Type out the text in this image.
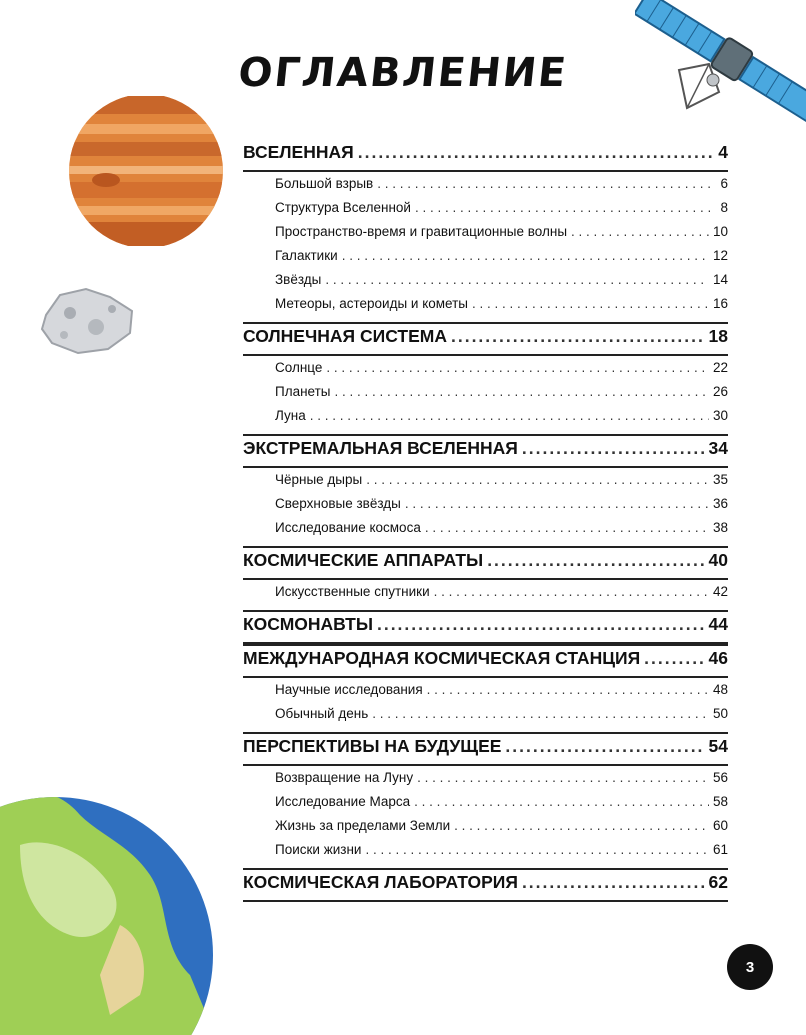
ОГЛАВЛЕНИЕ
ВСЕЛЕННАЯ .....	4
Большой взрыв . . .	6
Структура Вселенной . . .	8
Пространство-время и гравитационные волны . . .	10
Галактики . . .	12
Звёзды . . .	14
Метеоры, астероиды и кометы . . .	16
СОЛНЕЧНАЯ СИСТЕМА .....	18
Солнце . . .	22
Планеты . . .	26
Луна . . .	30
ЭКСТРЕМАЛЬНАЯ ВСЕЛЕННАЯ .....	34
Чёрные дыры . . .	35
Сверхновые звёзды . . .	36
Исследование космоса . . .	38
КОСМИЧЕСКИЕ АППАРАТЫ .....	40
Искусственные спутники . . .	42
КОСМОНАВТЫ .....	44
МЕЖДУНАРОДНАЯ КОСМИЧЕСКАЯ СТАНЦИЯ .....	46
Научные исследования . . .	48
Обычный день . . .	50
ПЕРСПЕКТИВЫ НА БУДУЩЕЕ .....	54
Возвращение на Луну . . .	56
Исследование Марса . . .	58
Жизнь за пределами Земли . . .	60
Поиски жизни . . .	61
КОСМИЧЕСКАЯ ЛАБОРАТОРИЯ .....	62
3
